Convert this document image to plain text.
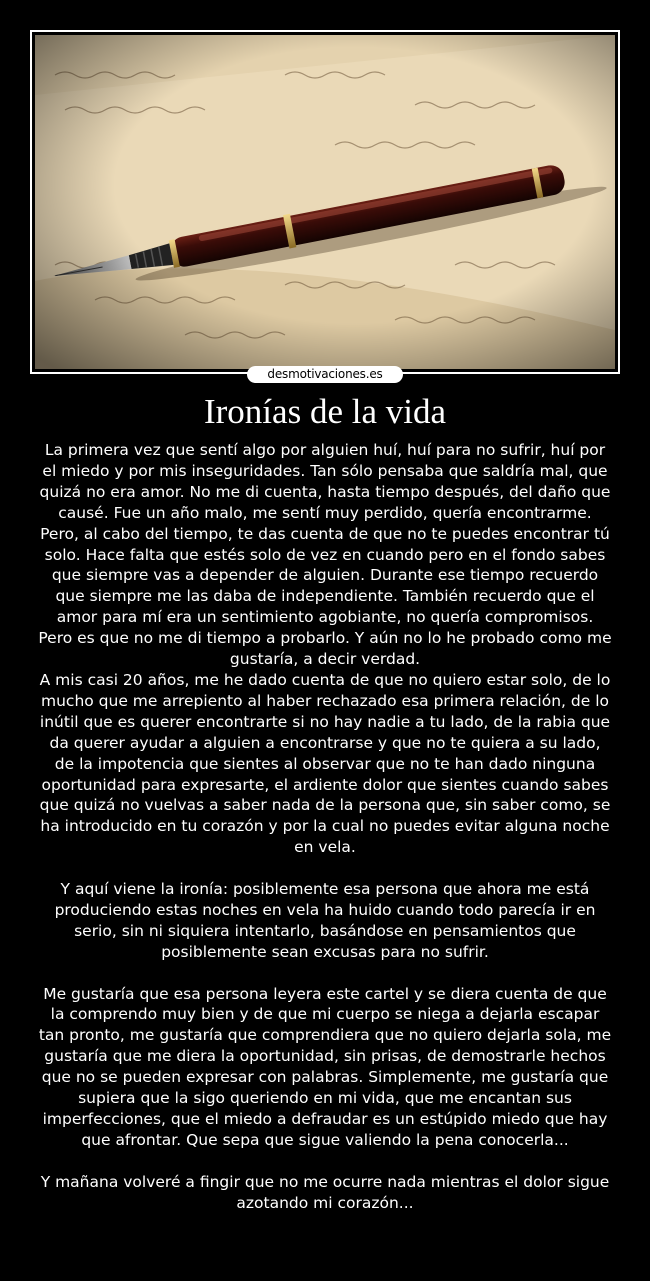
desmotivaciones.es
Ironías de la vida

La primera vez que sentí algo por alguien huí, huí para no sufrir, huí por el miedo y por mis inseguridades. Tan sólo pensaba que saldría mal, que quizá no era amor. No me di cuenta, hasta tiempo después, del daño que causé. Fue un año malo, me sentí muy perdido, quería encontrarme. Pero, al cabo del tiempo, te das cuenta de que no te puedes encontrar tú solo. Hace falta que estés solo de vez en cuando pero en el fondo sabes que siempre vas a depender de alguien. Durante ese tiempo recuerdo que siempre me las daba de independiente. También recuerdo que el amor para mí era un sentimiento agobiante, no quería compromisos. Pero es que no me di tiempo a probarlo. Y aún no lo he probado como me gustaría, a decir verdad.

A mis casi 20 años, me he dado cuenta de que no quiero estar solo, de lo mucho que me arrepiento al haber rechazado esa primera relación, de lo inútil que es querer encontrarte si no hay nadie a tu lado, de la rabia que da querer ayudar a alguien a encontrarse y que no te quiera a su lado, de la impotencia que sientes al observar que no te han dado ninguna oportunidad para expresarte, el ardiente dolor que sientes cuando sabes que quizá no vuelvas a saber nada de la persona que, sin saber como, se ha introducido en tu corazón y por la cual no puedes evitar alguna noche en vela.

Y aquí viene la ironía: posiblemente esa persona que ahora me está produciendo estas noches en vela ha huido cuando todo parecía ir en serio, sin ni siquiera intentarlo, basándose en pensamientos que posiblemente sean excusas para no sufrir.

Me gustaría que esa persona leyera este cartel y se diera cuenta de que la comprendo muy bien y de que mi cuerpo se niega a dejarla escapar tan pronto, me gustaría que comprendiera que no quiero dejarla sola, me gustaría que me diera la oportunidad, sin prisas, de demostrarle hechos que no se pueden expresar con palabras. Simplemente, me gustaría que supiera que la sigo queriendo en mi vida, que me encantan sus imperfecciones, que el miedo a defraudar es un estúpido miedo que hay que afrontar. Que sepa que sigue valiendo la pena conocerla...

Y mañana volveré a fingir que no me ocurre nada mientras el dolor sigue azotando mi corazón...
